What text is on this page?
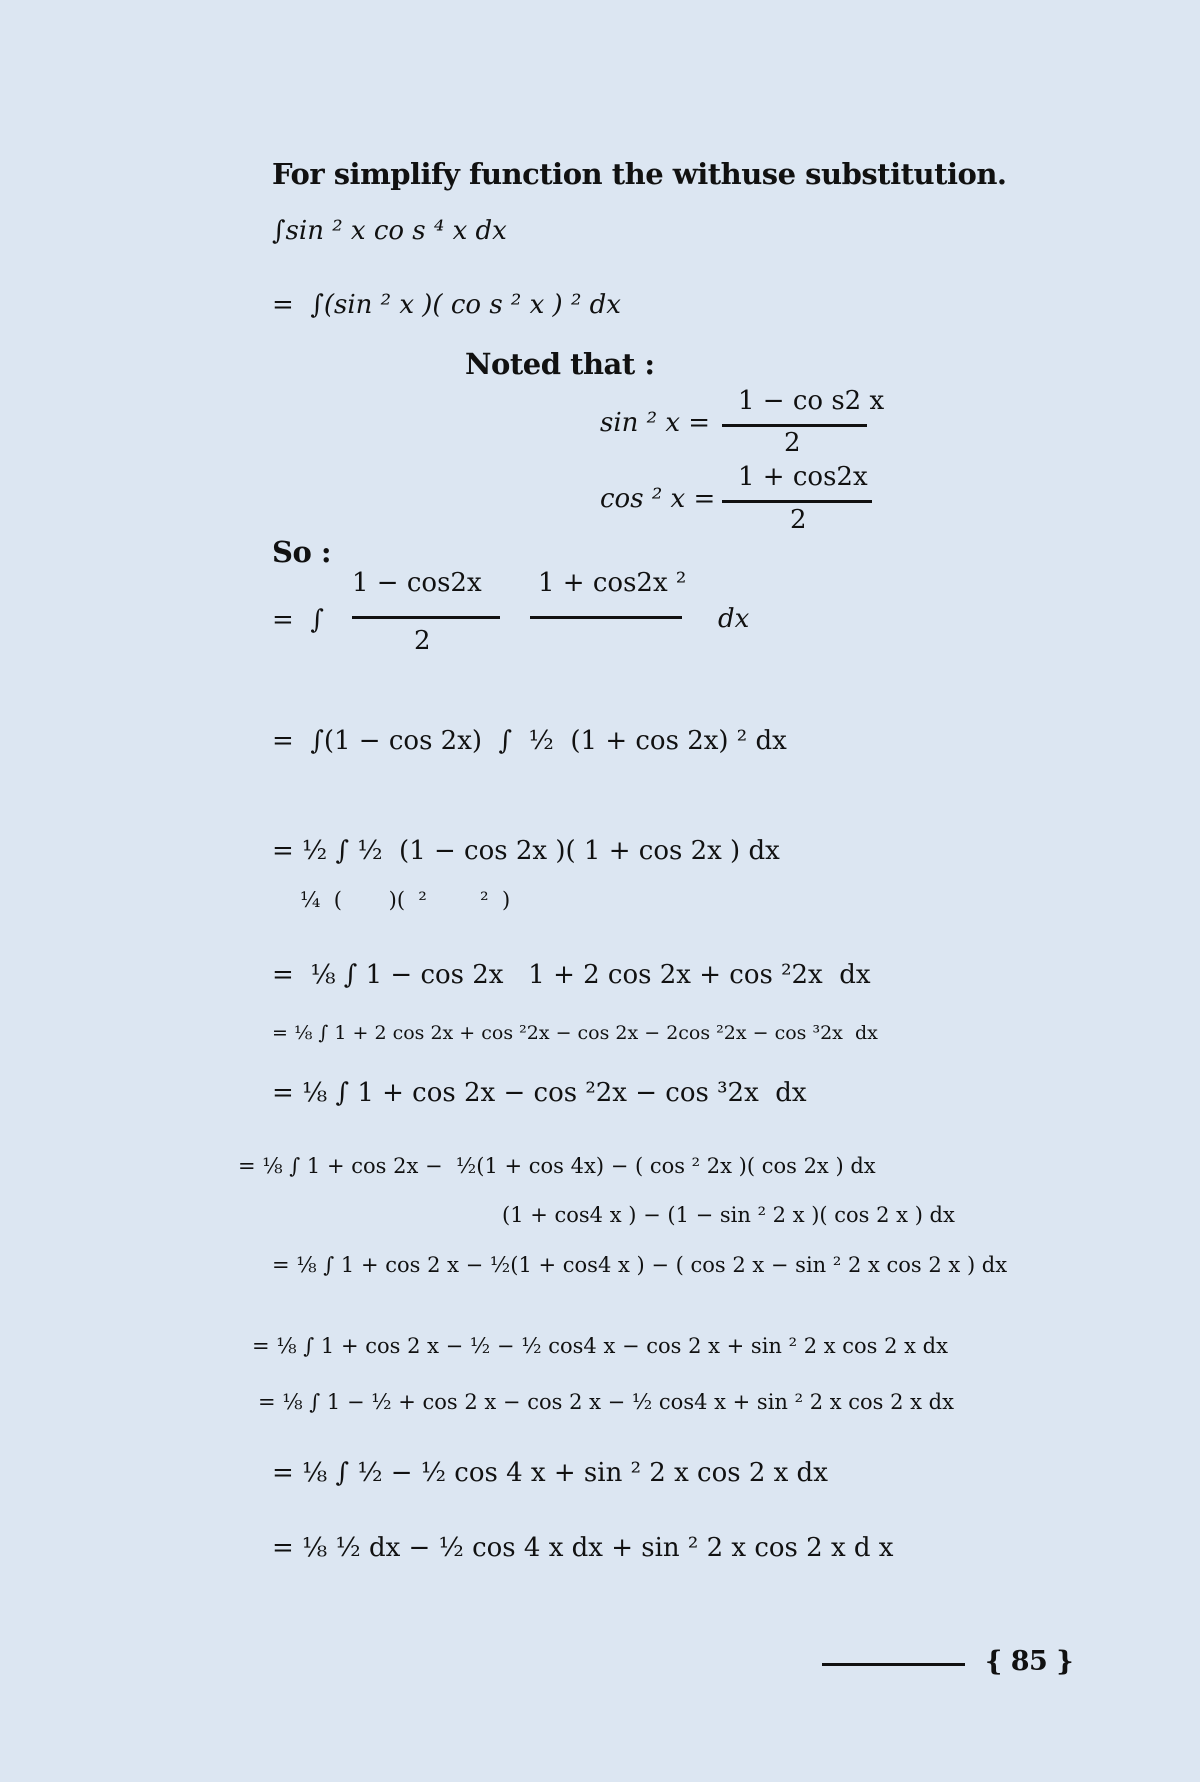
For simplify function the withuse substitution.
∫sin ² x co s ⁴ x dx
=  ∫(sin ² x )( co s ² x ) ² dx
Noted that :
sin ² x =
1 − co s2 x
2
cos ² x =
1 + cos2x
2
So :
1 − cos2x 1 + cos2x ²
=  ∫	dx
2
=  ∫(1 − cos 2x)  ∫  ½  (1 + cos 2x) ² dx
= ½ ∫ ½  (1 − cos 2x )( 1 + cos 2x ) dx
¼  (       )(  ²        ²  )
=  ⅛ ∫ 1 − cos 2x   1 + 2 cos 2x + cos ²2x  dx
= ⅛ ∫ 1 + 2 cos 2x + cos ²2x − cos 2x − 2cos ²2x − cos ³2x  dx
= ⅛ ∫ 1 + cos 2x − cos ²2x − cos ³2x  dx
= ⅛ ∫ 1 + cos 2x −  ½(1 + cos 4x) − ( cos ² 2x )( cos 2x ) dx
(1 + cos4 x ) − (1 − sin ² 2 x )( cos 2 x ) dx
= ⅛ ∫ 1 + cos 2 x − ½(1 + cos4 x ) − ( cos 2 x − sin ² 2 x cos 2 x ) dx
= ⅛ ∫ 1 + cos 2 x − ½ − ½ cos4 x − cos 2 x + sin ² 2 x cos 2 x dx
= ⅛ ∫ 1 − ½ + cos 2 x − cos 2 x − ½ cos4 x + sin ² 2 x cos 2 x dx
= ⅛ ∫ ½ − ½ cos 4 x + sin ² 2 x cos 2 x dx
= ⅛ ½ dx − ½ cos 4 x dx + sin ² 2 x cos 2 x d x
{ 85 }
